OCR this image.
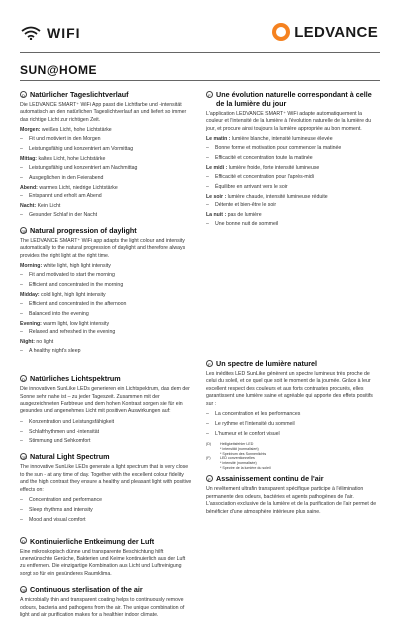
WIFI	LEDVANCE
SUN@HOME
D Natürlicher Tageslichtverlauf
Die LEDVANCE SMART⁺ WiFi App passt die Lichtfarbe und -intensität automatisch an den natürlichen Tageslichtverlauf an und liefert so immer das richtige Licht zur richtigen Zeit.
Morgen: weißes Licht, hohe Lichtstärke
– Fit und motiviert in den Morgen
– Leistungsfähig und konzentriert am Vormittag
Mittag: kaltes Licht, hohe Lichtstärke
– Leistungsfähig und konzentriert am Nachmittag
– Ausgeglichen in den Feierabend
Abend: warmes Licht, niedrige Lichtstärke
– Entspannt und erholt am Abend
Nacht: Kein Licht
– Gesunder Schlaf in der Nacht
GB Natural progression of daylight
The LEDVANCE SMART⁺ WiFi app adapts the light colour and intensity automatically to the natural progression of daylight and therefore always provides the right light at the right time.
Morning: white light, high light intensity
– Fit and motivated to start the morning
– Efficient and concentrated in the morning
Midday: cold light, high light intensity
– Efficient and concentrated in the afternoon
– Balanced into the evening
Evening: warm light, low light intensity
– Relaxed and refreshed in the evening
Night: no light
– A healthy night's sleep
D Natürliches Lichtspektrum
Die innovativen SunLike LEDs generieren ein Lichtspektrum, das dem der Sonne sehr nahe ist – zu jeder Tageszeit. Zusammen mit der ausgezeichneten Farbtreue und dem hohen Kontrast sorgen sie für ein gesundes und angenehmes Licht mit positiven Auswirkungen auf:
– Konzentration und Leistungsfähigkeit
– Schlafrhythmen und -intensität
– Stimmung und Sehkomfort
GB Natural Light Spectrum
The innovative SunLike LEDs generate a light spectrum that is very close to the sun - at any time of day. Together with the excellent colour fidelity and the high contrast they ensure a healthy and pleasant light with positive effects on:
– Concentration and performance
– Sleep rhythms and intensity
– Mood and visual comfort
D Kontinuierliche Entkeimung der Luft
Eine mikroskopisch dünne und transparente Beschichtung hilft unerwünschte Gerüche, Bakterien und Keime kontinuierlich aus der Luft zu entfernen. Die einzigartige Kombination aus Licht und Luftreinigung sorgt so für ein gesünderes Raumklima.
GB Continuous sterlisation of the air
A microbially thin and transparent coating helps to continuously remove odours, bacteria and pathogens from the air. The unique combination of light and air purification makes for a healthier indoor climate.
F Une évolution naturelle correspondant à celle de la lumière du jour
L'application LEDVANCE SMART⁺ WiFi adapte automatiquement la couleur et l'intensité de la lumière à l'évolution naturelle de la lumière du jour, et procure ainsi toujours la lumière appropriée au bon moment.
Le matin : lumière blanche, intensité lumineuse élevée
– Bonne forme et motivation pour commencer la matinée
– Efficacité et concentration toute la matinée
Le midi : lumière froide, forte intensité lumineuse
– Efficacité et concentration pour l'après-midi
– Équilibre en arrivant vers le soir
Le soir : lumière chaude, intensité lumineuse réduite
– Détente et bien-être le soir
La nuit : pas de lumière
– Une bonne nuit de sommeil
F Un spectre de lumière naturel
Les inédites LED SunLike génèrent un spectre lumineux très proche de celui du soleil, et ce quel que soit le moment de la journée. Grâce à leur excellent respect des couleurs et aux forts contrastes procurés, elles garantissent une lumière saine et agréable qui apporte des effets positifs sur :
– La concentration et les performances
– Le rythme et l'intensité du sommeil
– L'humeur et le confort visuel
(D)	Helligkeitsfehler LED
* intensität (normalisiert)
* Spektrum des Sonnenlichts
(F)	LED conventionnelles
* intensité (normalisée)
* Spectre de la lumière du soleil
F Assainissement continu de l'air
Un revêtement ultrafin transparent spécifique participe à l'élimination permanente des odeurs, bactéries et agents pathogènes de l'air. L'association exclusive de la lumière et de la purification de l'air permet de bénéficier d'une atmosphère intérieure plus saine.
